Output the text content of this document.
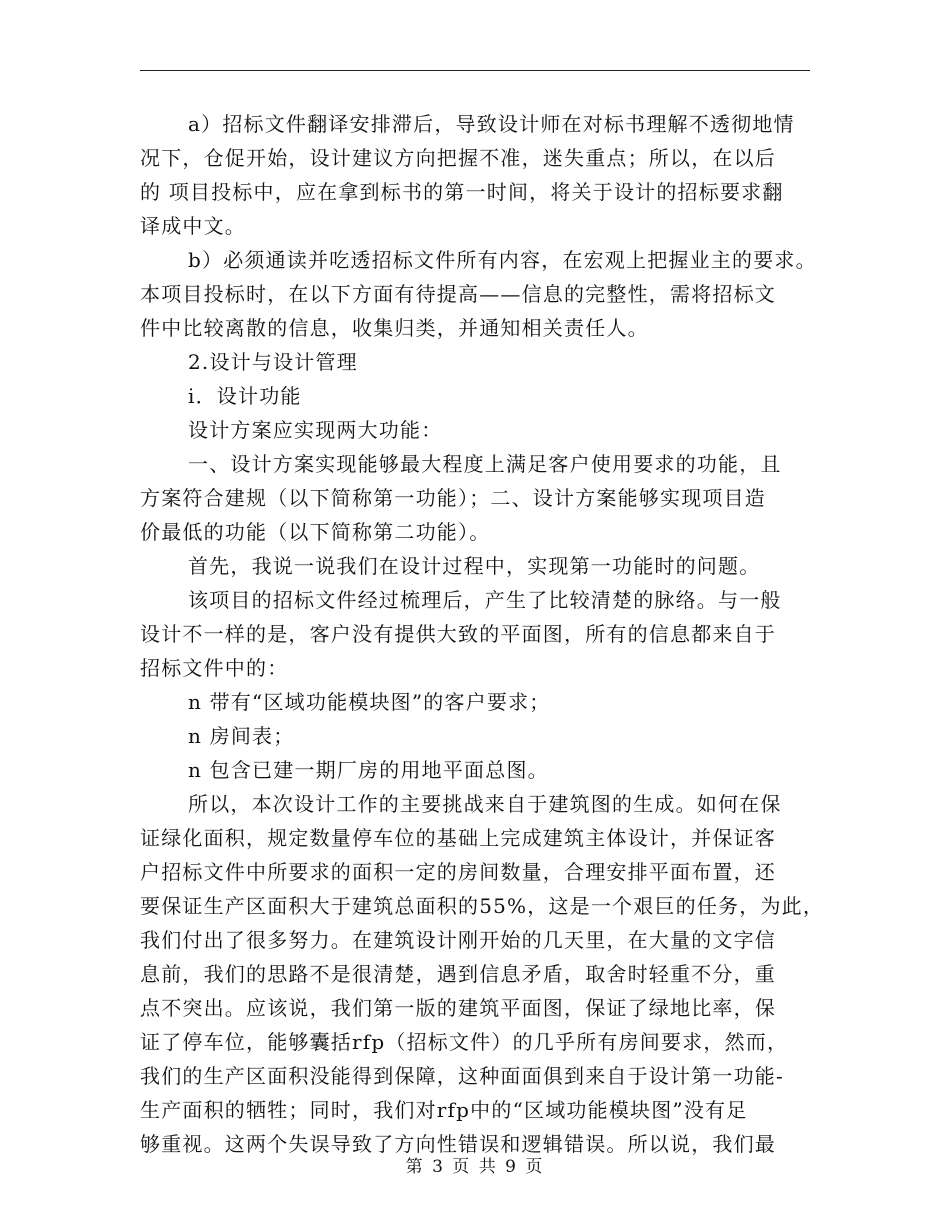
a）招标文件翻译安排滞后，导致设计师在对标书理解不透彻地情
况下，仓促开始，设计建议方向把握不准，迷失重点；所以，在以后
的 项目投标中，应在拿到标书的第一时间，将关于设计的招标要求翻
译成中文。
b）必须通读并吃透招标文件所有内容，在宏观上把握业主的要求。
本项目投标时，在以下方面有待提高——信息的完整性，需将招标文
件中比较离散的信息，收集归类，并通知相关责任人。
2.设计与设计管理
i．设计功能
设计方案应实现两大功能：
一、设计方案实现能够最大程度上满足客户使用要求的功能，且
方案符合建规（以下简称第一功能）；二、设计方案能够实现项目造
价最低的功能（以下简称第二功能）。
首先，我说一说我们在设计过程中，实现第一功能时的问题。
该项目的招标文件经过梳理后，产生了比较清楚的脉络。与一般
设计不一样的是，客户没有提供大致的平面图，所有的信息都来自于
招标文件中的：
n 带有“区域功能模块图”的客户要求；
n 房间表；
n 包含已建一期厂房的用地平面总图。
所以，本次设计工作的主要挑战来自于建筑图的生成。如何在保
证绿化面积，规定数量停车位的基础上完成建筑主体设计，并保证客
户招标文件中所要求的面积一定的房间数量，合理安排平面布置，还
要保证生产区面积大于建筑总面积的55%，这是一个艰巨的任务，为此，
我们付出了很多努力。在建筑设计刚开始的几天里，在大量的文字信
息前，我们的思路不是很清楚，遇到信息矛盾，取舍时轻重不分，重
点不突出。应该说，我们第一版的建筑平面图，保证了绿地比率，保
证了停车位，能够囊括rfp（招标文件）的几乎所有房间要求，然而，
我们的生产区面积没能得到保障，这种面面俱到来自于设计第一功能-
生产面积的牺牲；同时，我们对rfp中的“区域功能模块图”没有足
够重视。这两个失误导致了方向性错误和逻辑错误。所以说，我们最
第 3 页 共 9 页
